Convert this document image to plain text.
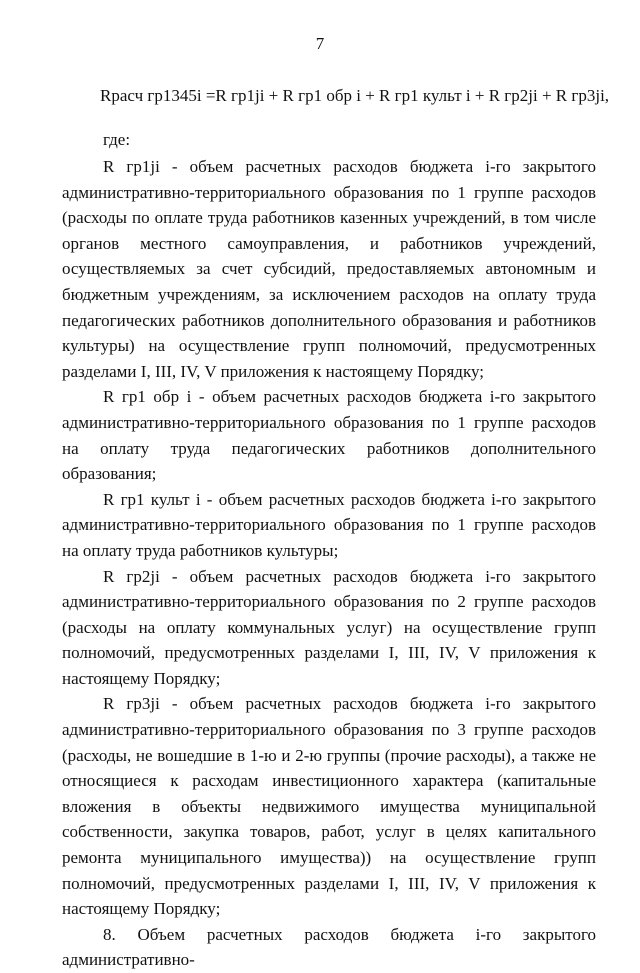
7
Rрасч гр1345i =R гр1ji + R гр1 обр i + R гр1 культ i + R гр2ji + R гр3ji,
где:

R гр1ji - объем расчетных расходов бюджета i-го закрытого административно-территориального образования по 1 группе расходов (расходы по оплате труда работников казенных учреждений, в том числе органов местного самоуправления, и работников учреждений, осуществляемых за счет субсидий, предоставляемых автономным и бюджетным учреждениям, за исключением расходов на оплату труда педагогических работников дополнительного образования и работников культуры) на осуществление групп полномочий, предусмотренных разделами I, III, IV, V приложения к настоящему Порядку;

R гр1 обр i - объем расчетных расходов бюджета i-го закрытого административно-территориального образования по 1 группе расходов на оплату труда педагогических работников дополнительного образования;

R гр1 культ i - объем расчетных расходов бюджета i-го закрытого административно-территориального образования по 1 группе расходов на оплату труда работников культуры;

R гр2ji - объем расчетных расходов бюджета i-го закрытого административно-территориального образования по 2 группе расходов (расходы на оплату коммунальных услуг) на осуществление групп полномочий, предусмотренных разделами I, III, IV, V приложения к настоящему Порядку;

R гр3ji - объем расчетных расходов бюджета i-го закрытого административно-территориального образования по 3 группе расходов (расходы, не вошедшие в 1-ю и 2-ю группы (прочие расходы), а также не относящиеся к расходам инвестиционного характера (капитальные вложения в объекты недвижимого имущества муниципальной собственности, закупка товаров, работ, услуг в целях капитального ремонта муниципального имущества)) на осуществление групп полномочий, предусмотренных разделами I, III, IV, V приложения к настоящему Порядку;

8. Объем расчетных расходов бюджета i-го закрытого административно-
